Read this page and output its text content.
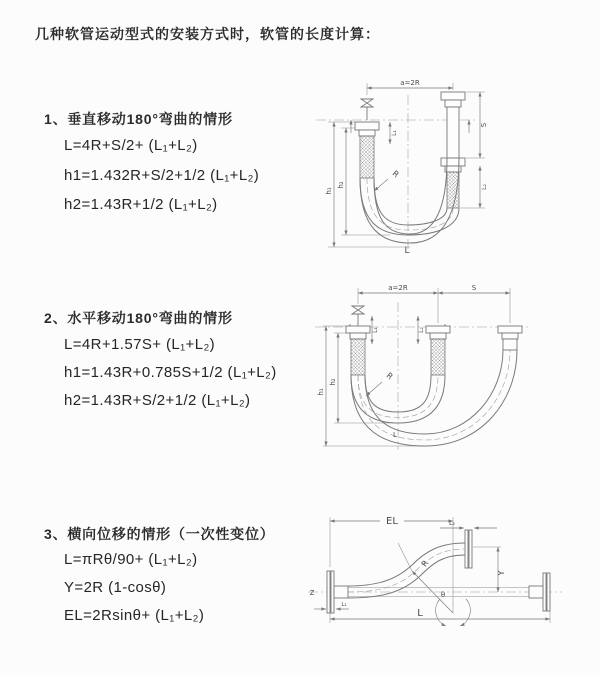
几种软管运动型式的安装方式时，软管的长度计算：
1、垂直移动180°弯曲的情形
L=4R+S/2+ (L₁+L₂)
h1=1.432R+S/2+1/2 (L₁+L₂)
h2=1.43R+1/2 (L₁+L₂)
a=2R
h₁
h₂
L₁
S
L₂
R
L
2、水平移动180°弯曲的情形
L=4R+1.57S+ (L₁+L₂)
h1=1.43R+0.785S+1/2 (L₁+L₂)
h2=1.43R+S/2+1/2 (L₁+L₂)
a=2R	S
h₁
h₂
L₁	L₂
R
L
3、横向位移的情形（一次性变位）
L=πRθ/90+ (L₁+L₂)
Y=2R (1-cosθ)
EL=2Rsinθ+ (L₁+L₂)
EL	L₂
Y
L
L₁
R
θ
Z
